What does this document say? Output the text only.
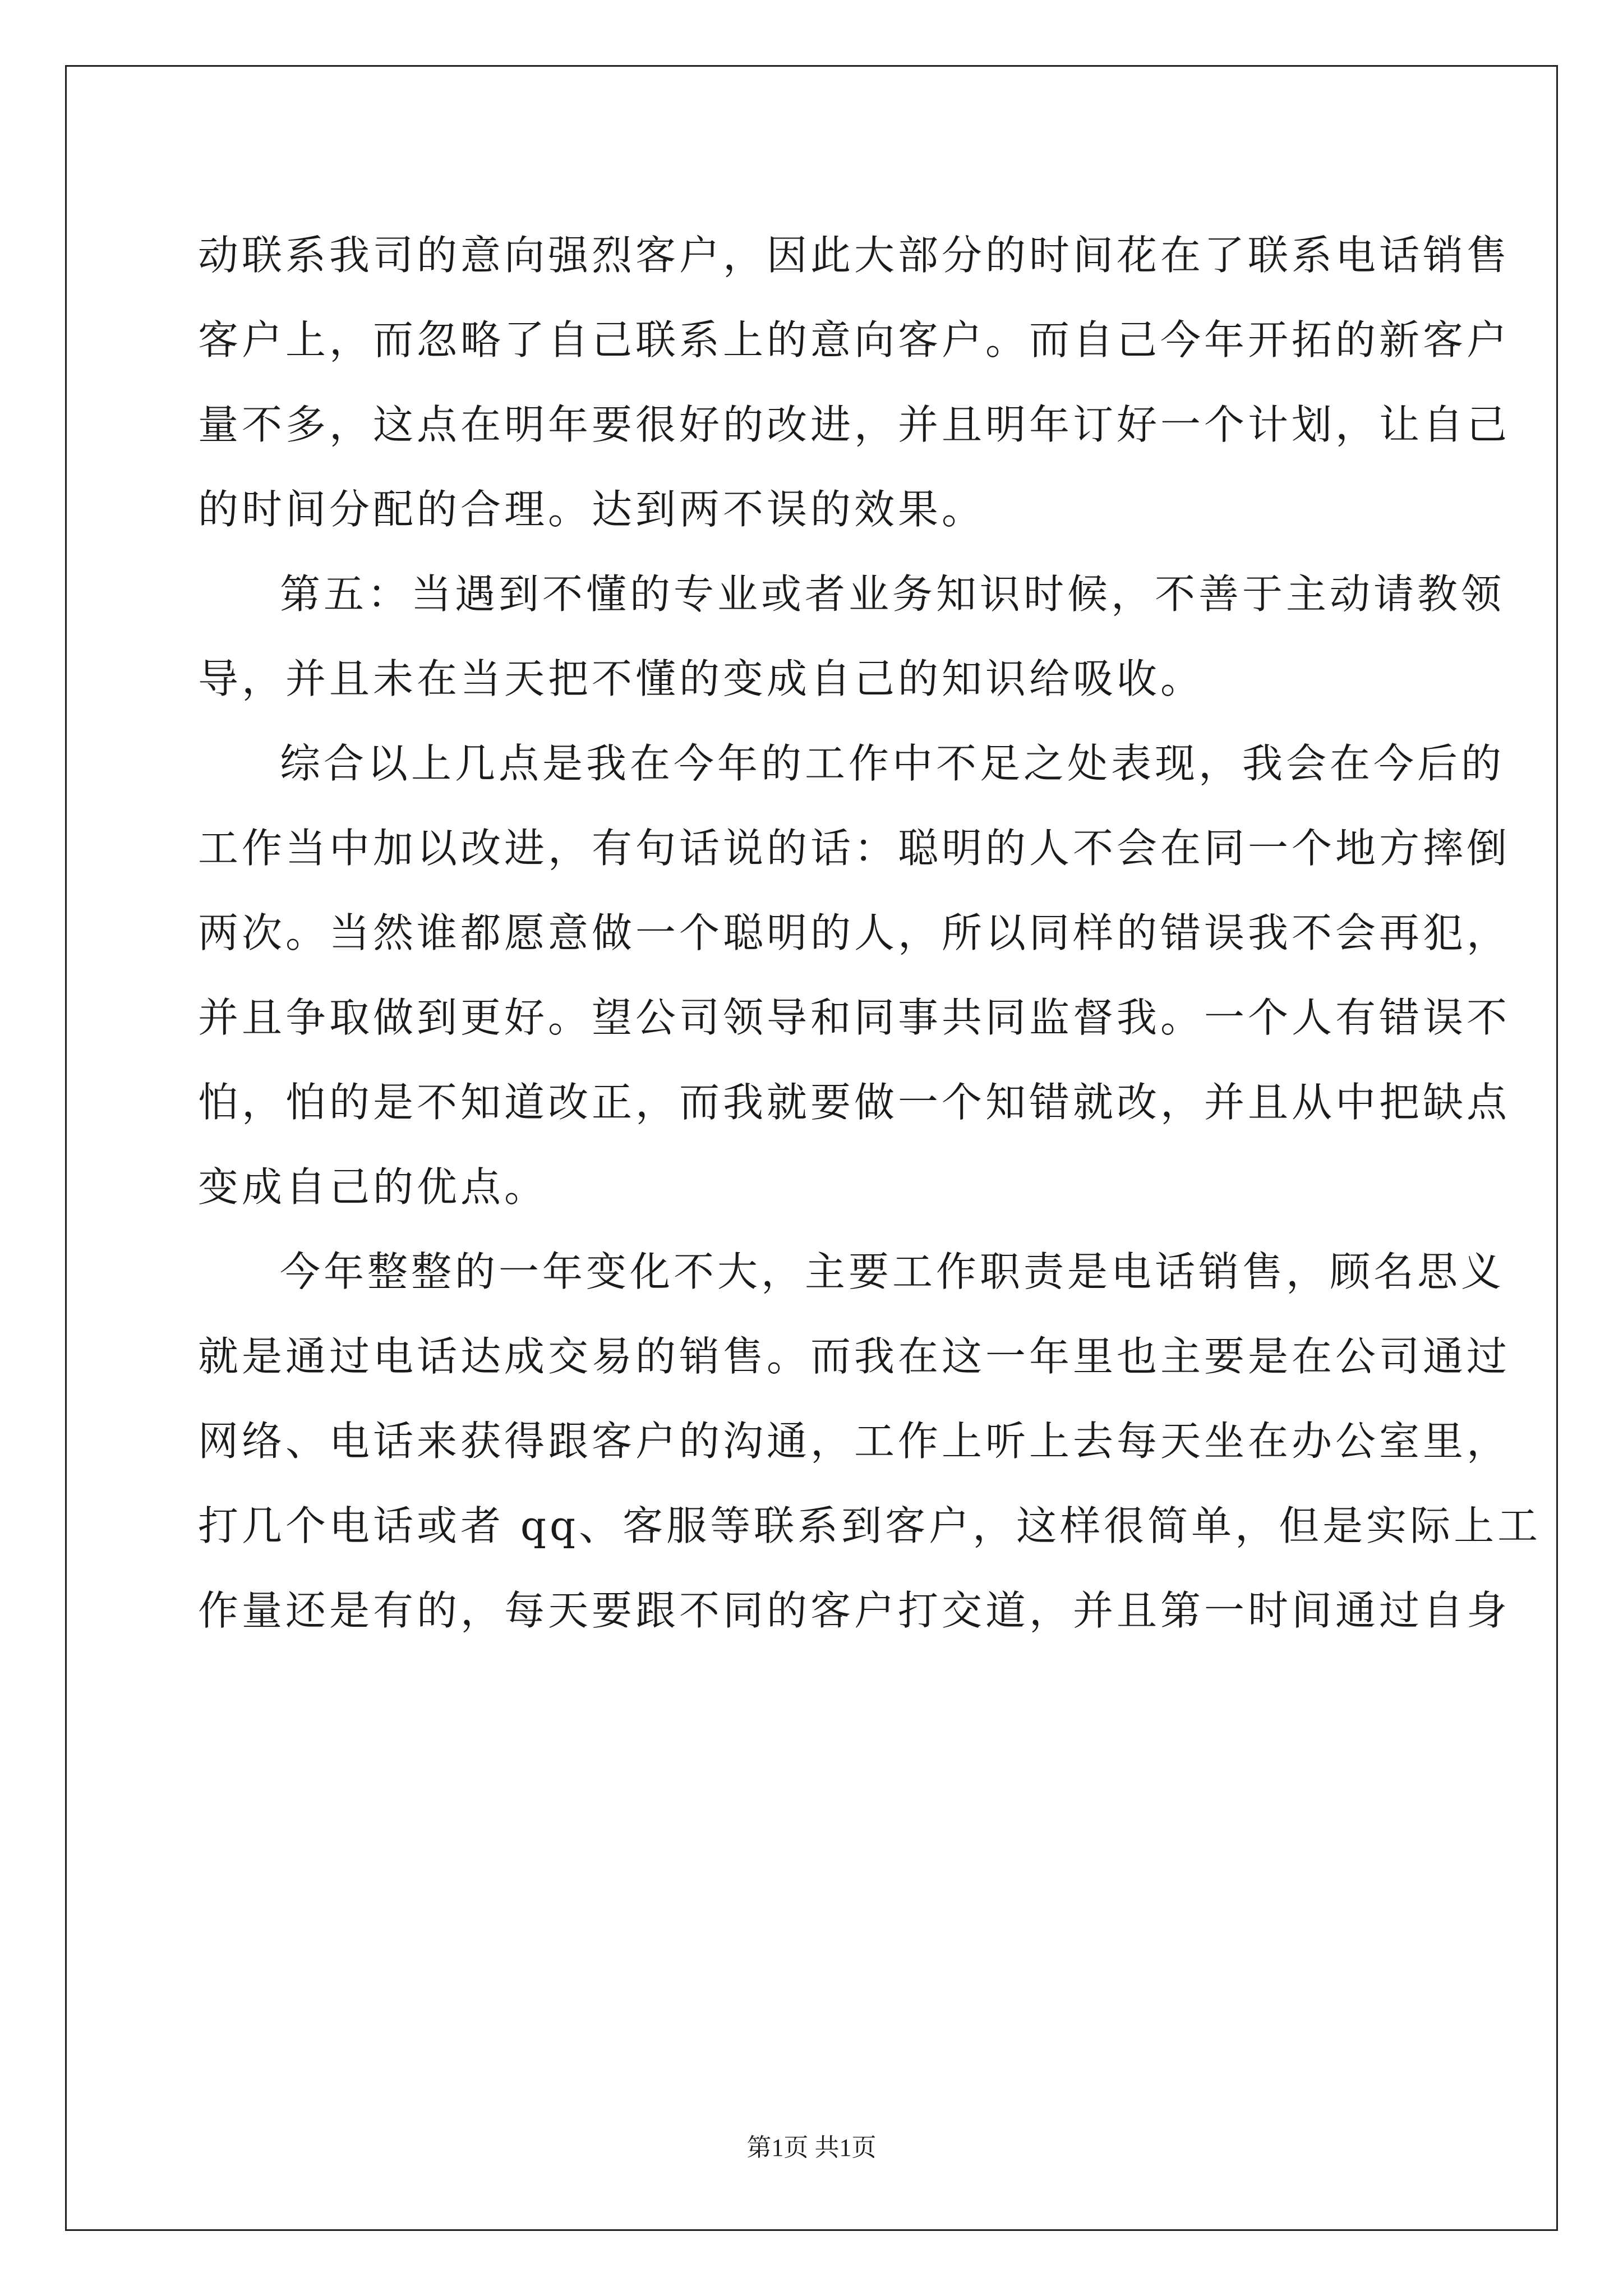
动联系我司的意向强烈客户，因此大部分的时间花在了联系电话销售
客户上，而忽略了自己联系上的意向客户。而自己今年开拓的新客户
量不多，这点在明年要很好的改进，并且明年订好一个计划，让自己
的时间分配的合理。达到两不误的效果。
第五：当遇到不懂的专业或者业务知识时候，不善于主动请教领
导，并且未在当天把不懂的变成自己的知识给吸收。
综合以上几点是我在今年的工作中不足之处表现，我会在今后的
工作当中加以改进，有句话说的话：聪明的人不会在同一个地方摔倒
两次。当然谁都愿意做一个聪明的人，所以同样的错误我不会再犯，
并且争取做到更好。望公司领导和同事共同监督我。一个人有错误不
怕，怕的是不知道改正，而我就要做一个知错就改，并且从中把缺点
变成自己的优点。
今年整整的一年变化不大，主要工作职责是电话销售，顾名思义
就是通过电话达成交易的销售。而我在这一年里也主要是在公司通过
网络、电话来获得跟客户的沟通，工作上听上去每天坐在办公室里，
打几个电话或者 qq、客服等联系到客户，这样很简单，但是实际上工
作量还是有的，每天要跟不同的客户打交道，并且第一时间通过自身
第1页 共1页
